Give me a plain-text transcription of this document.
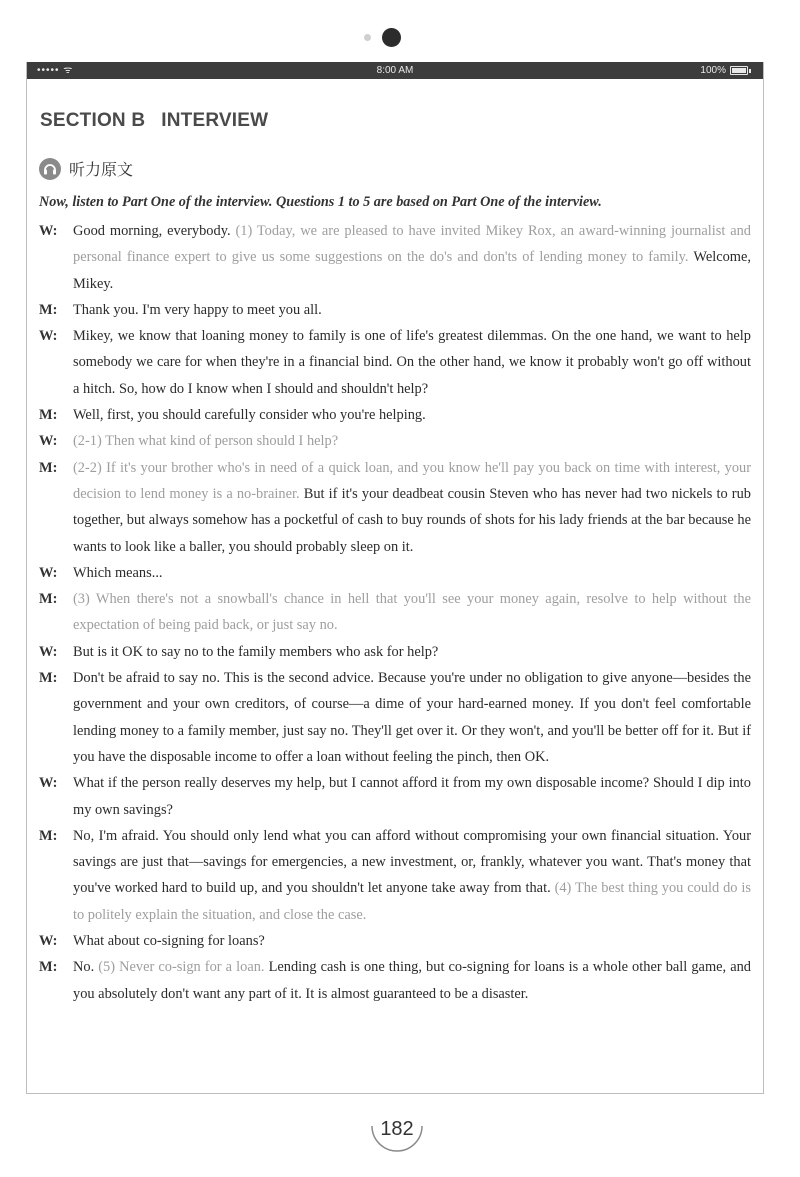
••••• ᯤ	8:00 AM	100%
SECTION B INTERVIEW
听力原文
Now, listen to Part One of the interview. Questions 1 to 5 are based on Part One of the interview.
W: Good morning, everybody. (1) Today, we are pleased to have invited Mikey Rox, an award-winning journalist and personal finance expert to give us some suggestions on the do's and don'ts of lending money to family. Welcome, Mikey.
M: Thank you. I'm very happy to meet you all.
W: Mikey, we know that loaning money to family is one of life's greatest dilemmas. On the one hand, we want to help somebody we care for when they're in a financial bind. On the other hand, we know it probably won't go off without a hitch. So, how do I know when I should and shouldn't help?
M: Well, first, you should carefully consider who you're helping.
W: (2-1) Then what kind of person should I help?
M: (2-2) If it's your brother who's in need of a quick loan, and you know he'll pay you back on time with interest, your decision to lend money is a no-brainer. But if it's your deadbeat cousin Steven who has never had two nickels to rub together, but always somehow has a pocketful of cash to buy rounds of shots for his lady friends at the bar because he wants to look like a baller, you should probably sleep on it.
W: Which means...
M: (3) When there's not a snowball's chance in hell that you'll see your money again, resolve to help without the expectation of being paid back, or just say no.
W: But is it OK to say no to the family members who ask for help?
M: Don't be afraid to say no. This is the second advice. Because you're under no obligation to give anyone—besides the government and your own creditors, of course—a dime of your hard-earned money. If you don't feel comfortable lending money to a family member, just say no. They'll get over it. Or they won't, and you'll be better off for it. But if you have the disposable income to offer a loan without feeling the pinch, then OK.
W: What if the person really deserves my help, but I cannot afford it from my own disposable income? Should I dip into my own savings?
M: No, I'm afraid. You should only lend what you can afford without compromising your own financial situation. Your savings are just that—savings for emergencies, a new investment, or, frankly, whatever you want. That's money that you've worked hard to build up, and you shouldn't let anyone take away from that. (4) The best thing you could do is to politely explain the situation, and close the case.
W: What about co-signing for loans?
M: No. (5) Never co-sign for a loan. Lending cash is one thing, but co-signing for loans is a whole other ball game, and you absolutely don't want any part of it. It is almost guaranteed to be a disaster.
182
